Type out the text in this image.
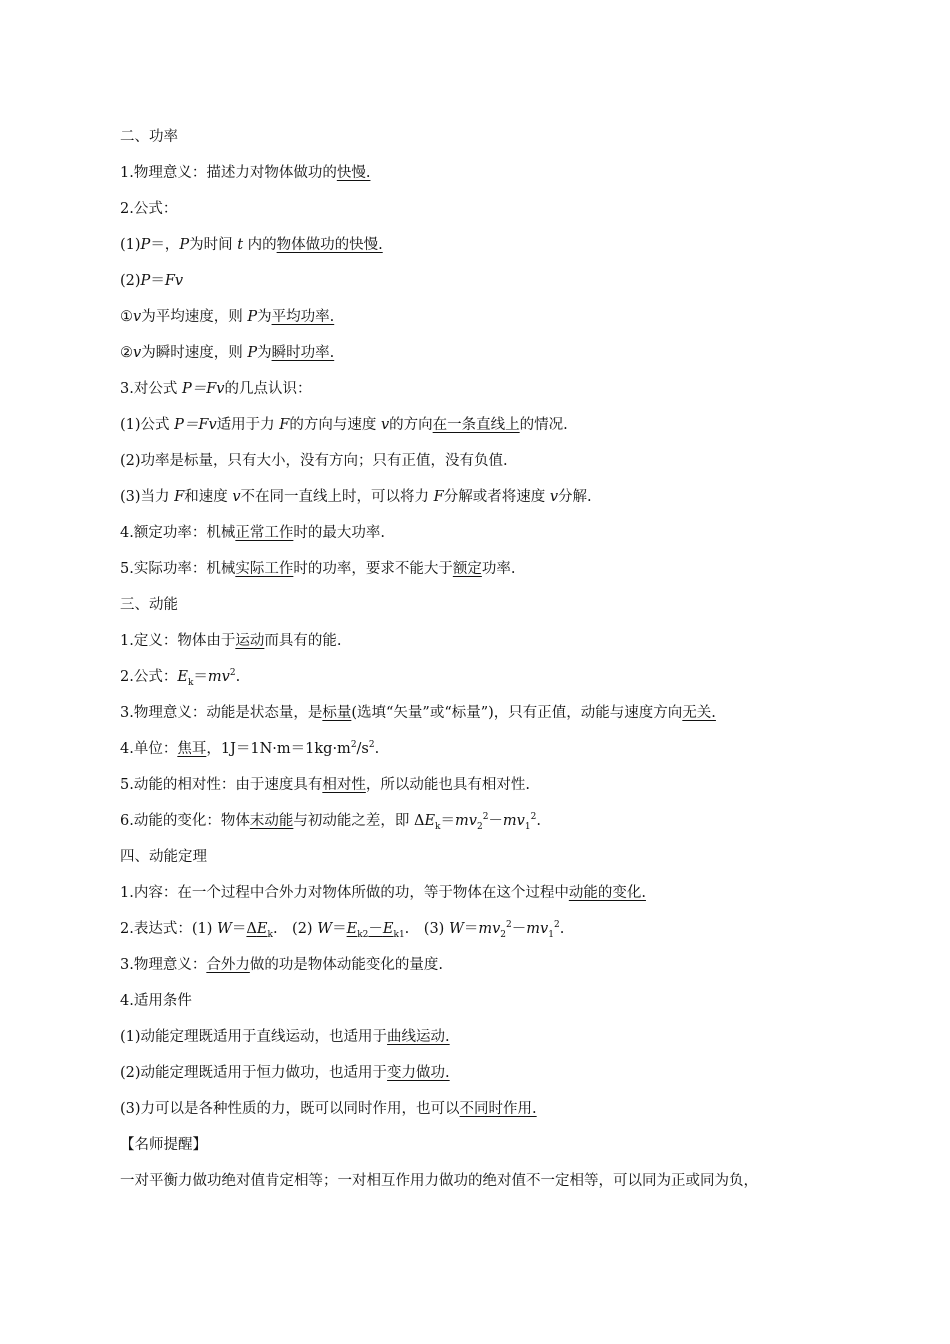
二、功率
1.物理意义：描述力对物体做功的快慢.
2.公式：
(1)P＝，P为时间 t 内的物体做功的快慢.
(2)P＝Fv
①v为平均速度，则 P为平均功率.
②v为瞬时速度，则 P为瞬时功率.
3.对公式 P＝Fv的几点认识：
(1)公式 P＝Fv适用于力 F的方向与速度 v的方向在一条直线上的情况.
(2)功率是标量，只有大小，没有方向；只有正值，没有负值.
(3)当力 F和速度 v不在同一直线上时，可以将力 F分解或者将速度 v分解.
4.额定功率：机械正常工作时的最大功率.
5.实际功率：机械实际工作时的功率，要求不能大于额定功率.
三、动能
1.定义：物体由于运动而具有的能.
2.公式：$E_k=mv^2$.
3.物理意义：动能是状态量，是标量(选填“矢量”或“标量”)，只有正值，动能与速度方向无关.
4.单位：焦耳，$1J=1N\cdot m=1kg\cdot m^2/s^2$.
5.动能的相对性：由于速度具有相对性，所以动能也具有相对性.
6.动能的变化：物体末动能与初动能之差，即 $\Delta E_k=mv_2^2-mv_1^2$.
四、动能定理
1.内容：在一个过程中合外力对物体所做的功，等于物体在这个过程中动能的变化.
2.表达式：(1) $W=\Delta E_k$.　(2) $W=E_{k2}-E_{k1}$.　(3) $W=mv_2^2-mv_1^2$.
3.物理意义：合外力做的功是物体动能变化的量度.
4.适用条件
(1)动能定理既适用于直线运动，也适用于曲线运动.
(2)动能定理既适用于恒力做功，也适用于变力做功.
(3)力可以是各种性质的力，既可以同时作用，也可以不同时作用.
【名师提醒】
一对平衡力做功绝对值肯定相等；一对相互作用力做功的绝对值不一定相等，可以同为正或同为负，
